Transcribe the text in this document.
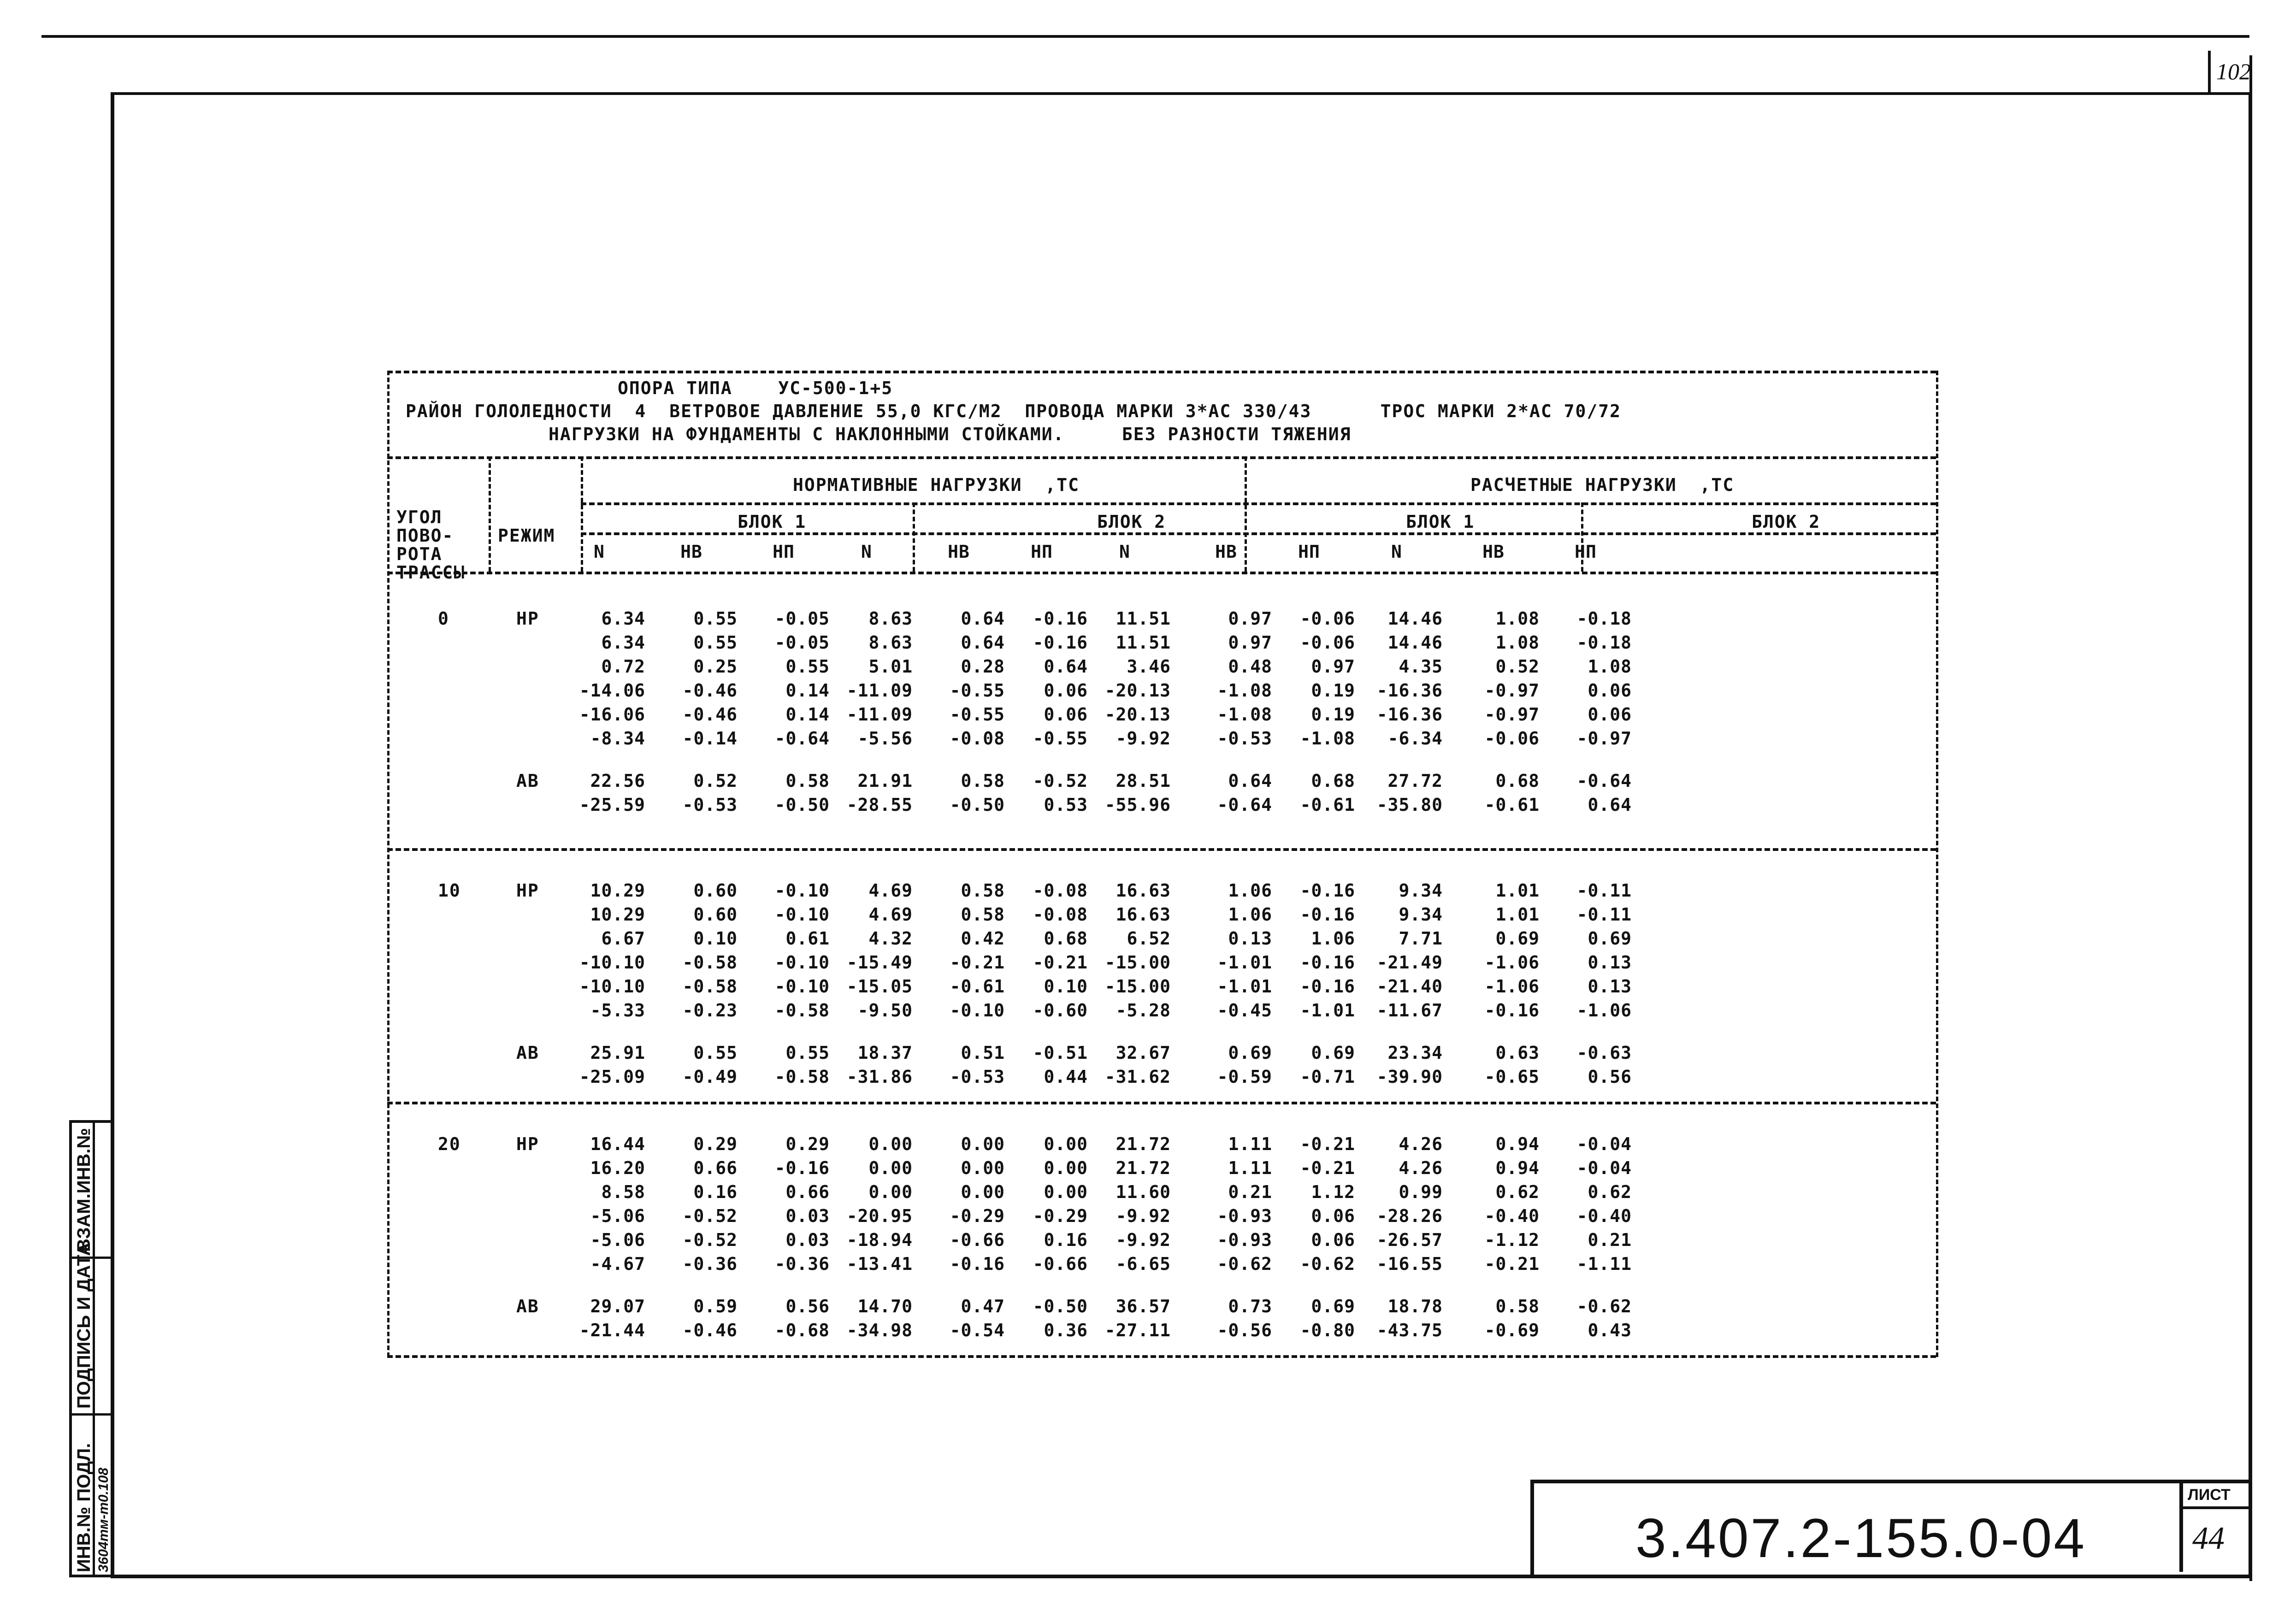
102
ОПОРА ТИПА    УС-500-1+5
РАЙОН ГОЛОЛЕДНОСТИ  4  ВЕТРОВОЕ ДАВЛЕНИЕ 55,0 КГС/М2  ПРОВОДА МАРКИ 3*АС 330/43      ТРОС МАРКИ 2*АС 70/72
НАГРУЗКИ НА ФУНДАМЕНТЫ С НАКЛОННЫМИ СТОЙКАМИ.     БЕЗ РАЗНОСТИ ТЯЖЕНИЯ
УГОЛ
ПОВО-
РОТА
ТРАССЫ
РЕЖИМ
НОРМАТИВНЫЕ НАГРУЗКИ  ,ТС	РАСЧЕТНЫЕ НАГРУЗКИ  ,ТС
БЛОК 1	БЛОК 2	БЛОК 1	БЛОК 2
N	НВ	НП	N	НВ	НП	N	НВ	НП	N	НВ	НП
0	НР	6.34	0.55	-0.05	8.63	0.64	-0.16	11.51	0.97	-0.06	14.46	1.08	-0.18
6.34	0.55	-0.05	8.63	0.64	-0.16	11.51	0.97	-0.06	14.46	1.08	-0.18
0.72	0.25	0.55	5.01	0.28	0.64	3.46	0.48	0.97	4.35	0.52	1.08
-14.06	-0.46	0.14 -11.09	-0.55	0.06 -20.13	-1.08	0.19	-16.36	-0.97	0.06
-16.06	-0.46	0.14 -11.09	-0.55	0.06 -20.13	-1.08	0.19	-16.36	-0.97	0.06
-8.34	-0.14	-0.64	-5.56	-0.08	-0.55	-9.92	-0.53	-1.08	-6.34	-0.06	-0.97
АВ	22.56	0.52	0.58	21.91	0.58	-0.52	28.51	0.64	0.68	27.72	0.68	-0.64
-25.59	-0.53	-0.50 -28.55	-0.50	0.53 -55.96	-0.64	-0.61	-35.80	-0.61	0.64
10	НР	10.29	0.60	-0.10	4.69	0.58	-0.08	16.63	1.06	-0.16	9.34	1.01	-0.11
10.29	0.60	-0.10	4.69	0.58	-0.08	16.63	1.06	-0.16	9.34	1.01	-0.11
6.67	0.10	0.61	4.32	0.42	0.68	6.52	0.13	1.06	7.71	0.69	0.69
-10.10	-0.58	-0.10 -15.49	-0.21	-0.21 -15.00	-1.01	-0.16	-21.49	-1.06	0.13
-10.10	-0.58	-0.10 -15.05	-0.61	0.10 -15.00	-1.01	-0.16	-21.40	-1.06	0.13
-5.33	-0.23	-0.58	-9.50	-0.10	-0.60	-5.28	-0.45	-1.01	-11.67	-0.16	-1.06
АВ	25.91	0.55	0.55	18.37	0.51	-0.51	32.67	0.69	0.69	23.34	0.63	-0.63
-25.09	-0.49	-0.58 -31.86	-0.53	0.44 -31.62	-0.59	-0.71	-39.90	-0.65	0.56
20	НР	16.44	0.29	0.29	0.00	0.00	0.00	21.72	1.11	-0.21	4.26	0.94	-0.04
16.20	0.66	-0.16	0.00	0.00	0.00	21.72	1.11	-0.21	4.26	0.94	-0.04
8.58	0.16	0.66	0.00	0.00	0.00	11.60	0.21	1.12	0.99	0.62	0.62
-5.06	-0.52	0.03 -20.95	-0.29	-0.29	-9.92	-0.93	0.06	-28.26	-0.40	-0.40
-5.06	-0.52	0.03 -18.94	-0.66	0.16	-9.92	-0.93	0.06	-26.57	-1.12	0.21
-4.67	-0.36	-0.36 -13.41	-0.16	-0.66	-6.65	-0.62	-0.62	-16.55	-0.21	-1.11
АВ	29.07	0.59	0.56	14.70	0.47	-0.50	36.57	0.73	0.69	18.78	0.58	-0.62
-21.44	-0.46	-0.68 -34.98	-0.54	0.36 -27.11	-0.56	-0.80	-43.75	-0.69	0.43
3.407.2-155.0-04
ЛИСТ
44
ВЗАМ.ИНВ.№
ПОДПИСЬ И ДАТА
ИНВ.№ ПОДЛ. 3604тм-т0.108
